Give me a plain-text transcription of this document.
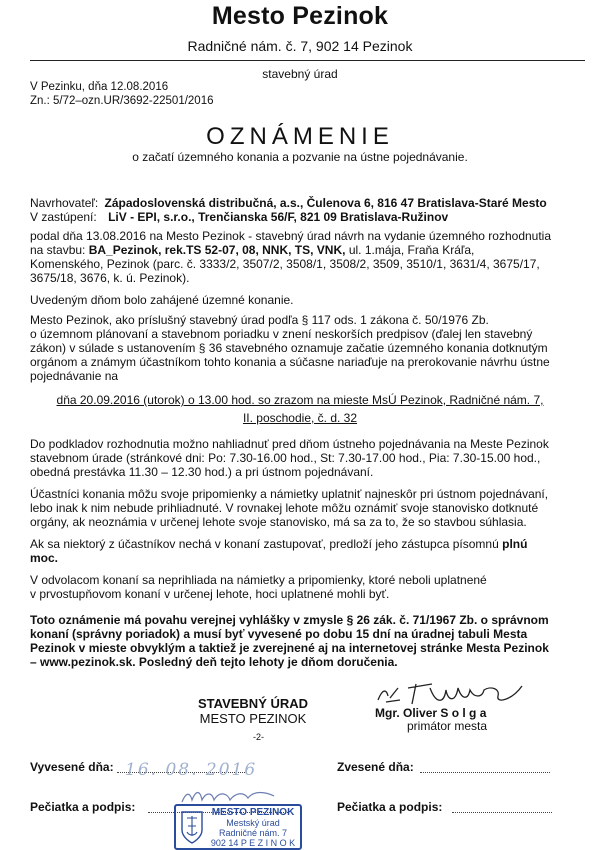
Mesto Pezinok
Radničné nám. č. 7, 902 14 Pezinok
stavebný úrad
V Pezinku, dňa 12.08.2016
Zn.: 5/72–ozn.UR/3692-22501/2016
OZNÁMENIE
o začatí územného konania a pozvanie na ústne pojednávanie.
Navrhovateľ: Západoslovenská distribučná, a.s., Čulenova 6, 816 47 Bratislava-Staré Mesto
V zastúpení: LiV - EPI, s.r.o., Trenčianska 56/F, 821 09 Bratislava-Ružinov
podal dňa 13.08.2016 na Mesto Pezinok - stavebný úrad návrh na vydanie územného rozhodnutia
na stavbu: BA_Pezinok, rek.TS 52-07, 08, NNK, TS, VNK, ul. 1.mája, Fraňa Kráľa,
Komenského, Pezinok (parc. č. 3333/2, 3507/2, 3508/1, 3508/2, 3509, 3510/1, 3631/4, 3675/17,
3675/18, 3676, k. ú. Pezinok).
Uvedeným dňom bolo zahájené územné konanie.
Mesto Pezinok, ako príslušný stavebný úrad podľa § 117 ods. 1 zákona č. 50/1976 Zb.
o územnom plánovaní a stavebnom poriadku v znení neskorších predpisov (ďalej len stavebný
zákon) v súlade s ustanovením § 36 stavebného oznamuje začatie územného konania dotknutým
orgánom a známym účastníkom tohto konania a súčasne nariaďuje na prerokovanie návrhu ústne
pojednávanie na
dňa 20.09.2016 (utorok) o 13.00 hod. so zrazom na mieste MsÚ Pezinok, Radničné nám. 7,
II. poschodie, č. d. 32
Do podkladov rozhodnutia možno nahliadnuť pred dňom ústneho pojednávania na Meste Pezinok
stavebnom úrade (stránkové dni: Po: 7.30-16.00 hod., St: 7.30-17.00 hod., Pia: 7.30-15.00 hod.,
obedná prestávka 11.30 – 12.30 hod.) a pri ústnom pojednávaní.
Účastníci konania môžu svoje pripomienky a námietky uplatniť najneskôr pri ústnom pojednávaní,
lebo inak k nim nebude prihliadnuté. V rovnakej lehote môžu oznámiť svoje stanovisko dotknuté
orgány, ak neoznámia v určenej lehote svoje stanovisko, má sa za to, že so stavbou súhlasia.
Ak sa niektorý z účastníkov nechá v konaní zastupovať, predloží jeho zástupca písomnú plnú
moc.
V odvolacom konaní sa neprihliada na námietky a pripomienky, ktoré neboli uplatnené
v prvostupňovom konaní v určenej lehote, hoci uplatnené mohli byť.
Toto oznámenie má povahu verejnej vyhlášky v zmysle § 26 zák. č. 71/1967 Zb. o správnom
konaní (správny poriadok) a musí byť vyvesené po dobu 15 dní na úradnej tabuli Mesta
Pezinok v mieste obvyklým a taktiež je zverejnené aj na internetovej stránke Mesta Pezinok
– www.pezinok.sk. Posledný deň tejto lehoty je dňom doručenia.
STAVEBNÝ ÚRAD
MESTO PEZINOK
-2-
Mgr. Oliver S o l g a
primátor mesta
Vyvesené dňa: 16. 08. 2016	Zvesené dňa:
Pečiatka a podpis:	Pečiatka a podpis:
MESTO PEZINOK
Mestský úrad
Radničné nám. 7
902 14 P E Z I N O K
